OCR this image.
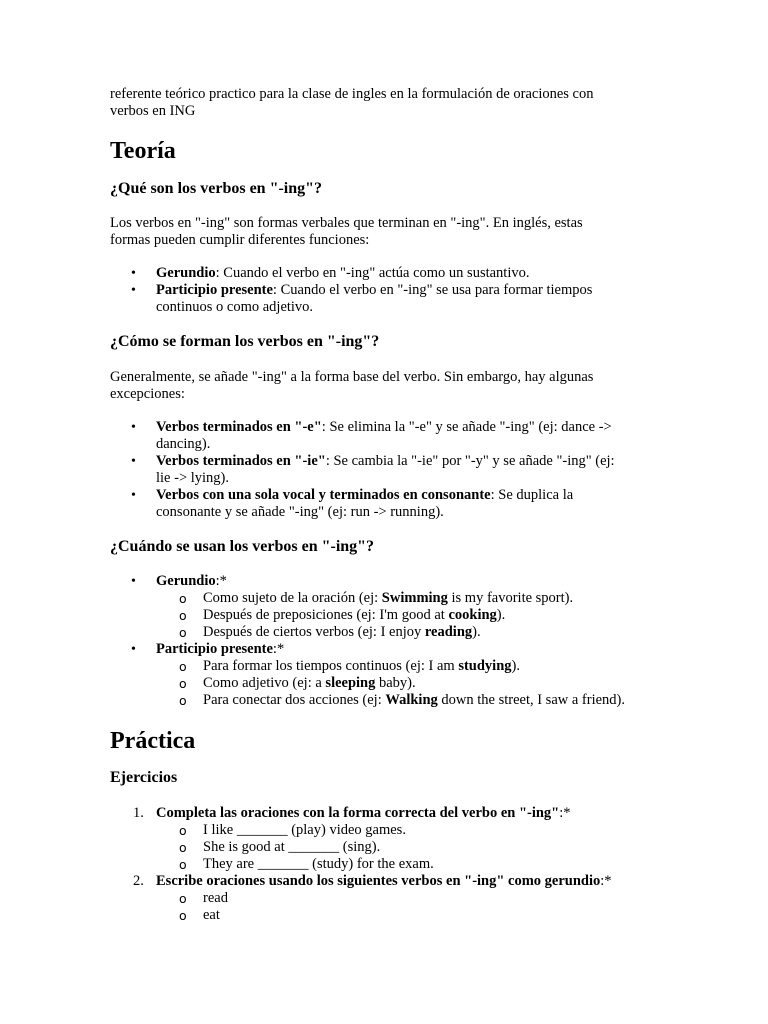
referente teórico practico para la clase de ingles en la formulación de oraciones con
verbos en ING
Teoría
¿Qué son los verbos en "-ing"?
Los verbos en "-ing" son formas verbales que terminan en "-ing". En inglés, estas
formas pueden cumplir diferentes funciones:
• Gerundio: Cuando el verbo en "-ing" actúa como un sustantivo.
• Participio presente: Cuando el verbo en "-ing" se usa para formar tiempos
continuos o como adjetivo.
¿Cómo se forman los verbos en "-ing"?
Generalmente, se añade "-ing" a la forma base del verbo. Sin embargo, hay algunas
excepciones:
• Verbos terminados en "-e": Se elimina la "-e" y se añade "-ing" (ej: dance ->
dancing).
• Verbos terminados en "-ie": Se cambia la "-ie" por "-y" y se añade "-ing" (ej:
lie -> lying).
• Verbos con una sola vocal y terminados en consonante: Se duplica la
consonante y se añade "-ing" (ej: run -> running).
¿Cuándo se usan los verbos en "-ing"?
• Gerundio:*
o Como sujeto de la oración (ej: Swimming is my favorite sport).
o Después de preposiciones (ej: I'm good at cooking).
o Después de ciertos verbos (ej: I enjoy reading).
• Participio presente:*
o Para formar los tiempos continuos (ej: I am studying).
o Como adjetivo (ej: a sleeping baby).
o Para conectar dos acciones (ej: Walking down the street, I saw a friend).
Práctica
Ejercicios
1. Completa las oraciones con la forma correcta del verbo en "-ing":*
o I like _______ (play) video games.
o She is good at _______ (sing).
o They are _______ (study) for the exam.
2. Escribe oraciones usando los siguientes verbos en "-ing" como gerundio:*
o read
o eat
